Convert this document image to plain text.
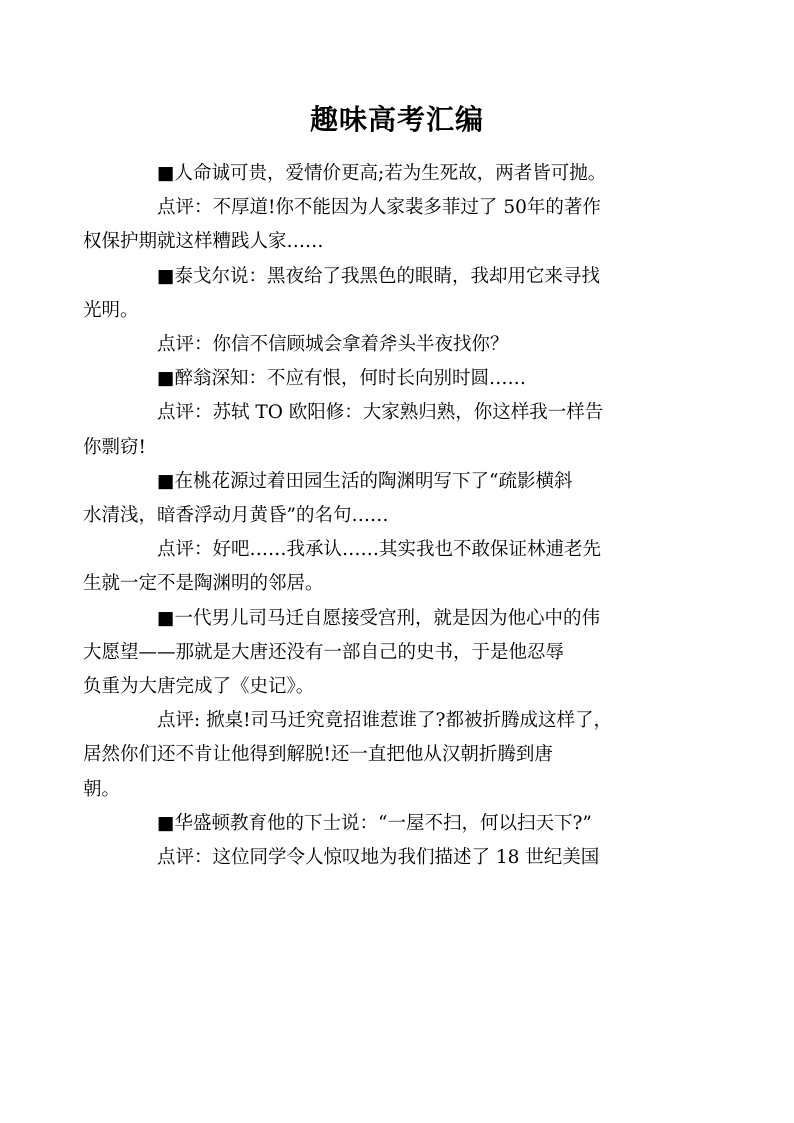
趣味高考汇编

■人命诚可贵，爱情价更高;若为生死故，两者皆可抛。

点评：不厚道!你不能因为人家裴多菲过了 50年的著作
权保护期就这样糟践人家……

■泰戈尔说：黑夜给了我黑色的眼睛，我却用它来寻找
光明。

点评：你信不信顾城会拿着斧头半夜找你？

■醉翁深知：不应有恨，何时长向别时圆……

点评：苏轼 TO 欧阳修：大家熟归熟，你这样我一样告
你剽窃!

■在桃花源过着田园生活的陶渊明写下了“疏影横斜
水清浅，暗香浮动月黄昏”的名句……

点评：好吧……我承认……其实我也不敢保证林逋老先
生就一定不是陶渊明的邻居。

■一代男儿司马迁自愿接受宫刑，就是因为他心中的伟
大愿望——那就是大唐还没有一部自己的史书，于是他忍辱
负重为大唐完成了《史记》。

点评: 掀桌!司马迁究竟招谁惹谁了?都被折腾成这样了，
居然你们还不肯让他得到解脱!还一直把他从汉朝折腾到唐
朝。

■华盛顿教育他的下士说：“一屋不扫，何以扫天下?”

点评：这位同学令人惊叹地为我们描述了 18 世纪美国
